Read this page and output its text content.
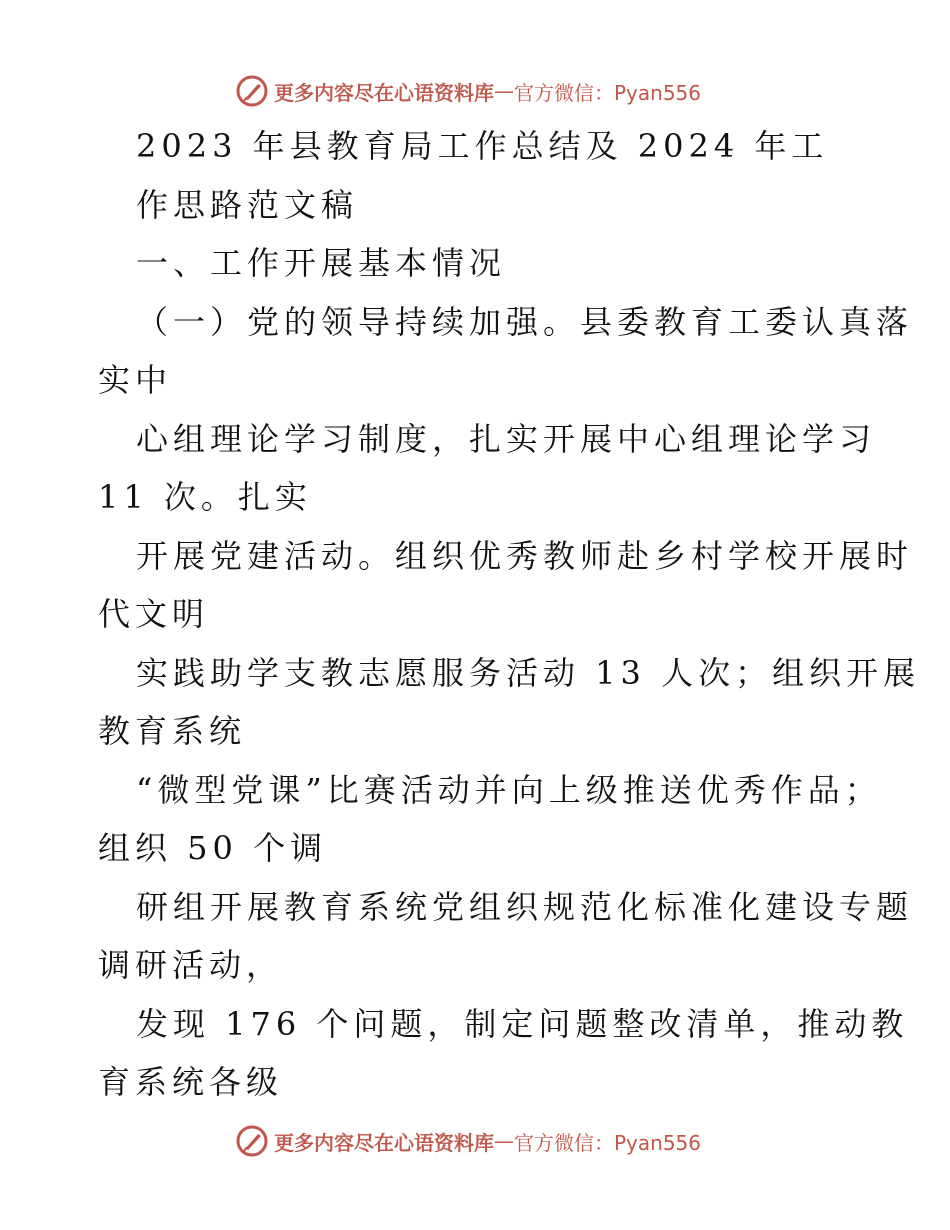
更多内容尽在心语资料库 — 官方微信：Pyan556
2023 年县教育局工作总结及 2024 年工
作思路范文稿
一、工作开展基本情况
（一）党的领导持续加强。县委教育工委认真落
实中
心组理论学习制度，扎实开展中心组理论学习
11 次。扎实
开展党建活动。组织优秀教师赴乡村学校开展时
代文明
实践助学支教志愿服务活动 13 人次；组织开展
教育系统
“微型党课”比赛活动并向上级推送优秀作品；
组织 50 个调
研组开展教育系统党组织规范化标准化建设专题
调研活动，
发现 176 个问题，制定问题整改清单，推动教
育系统各级
更多内容尽在心语资料库 — 官方微信：Pyan556
